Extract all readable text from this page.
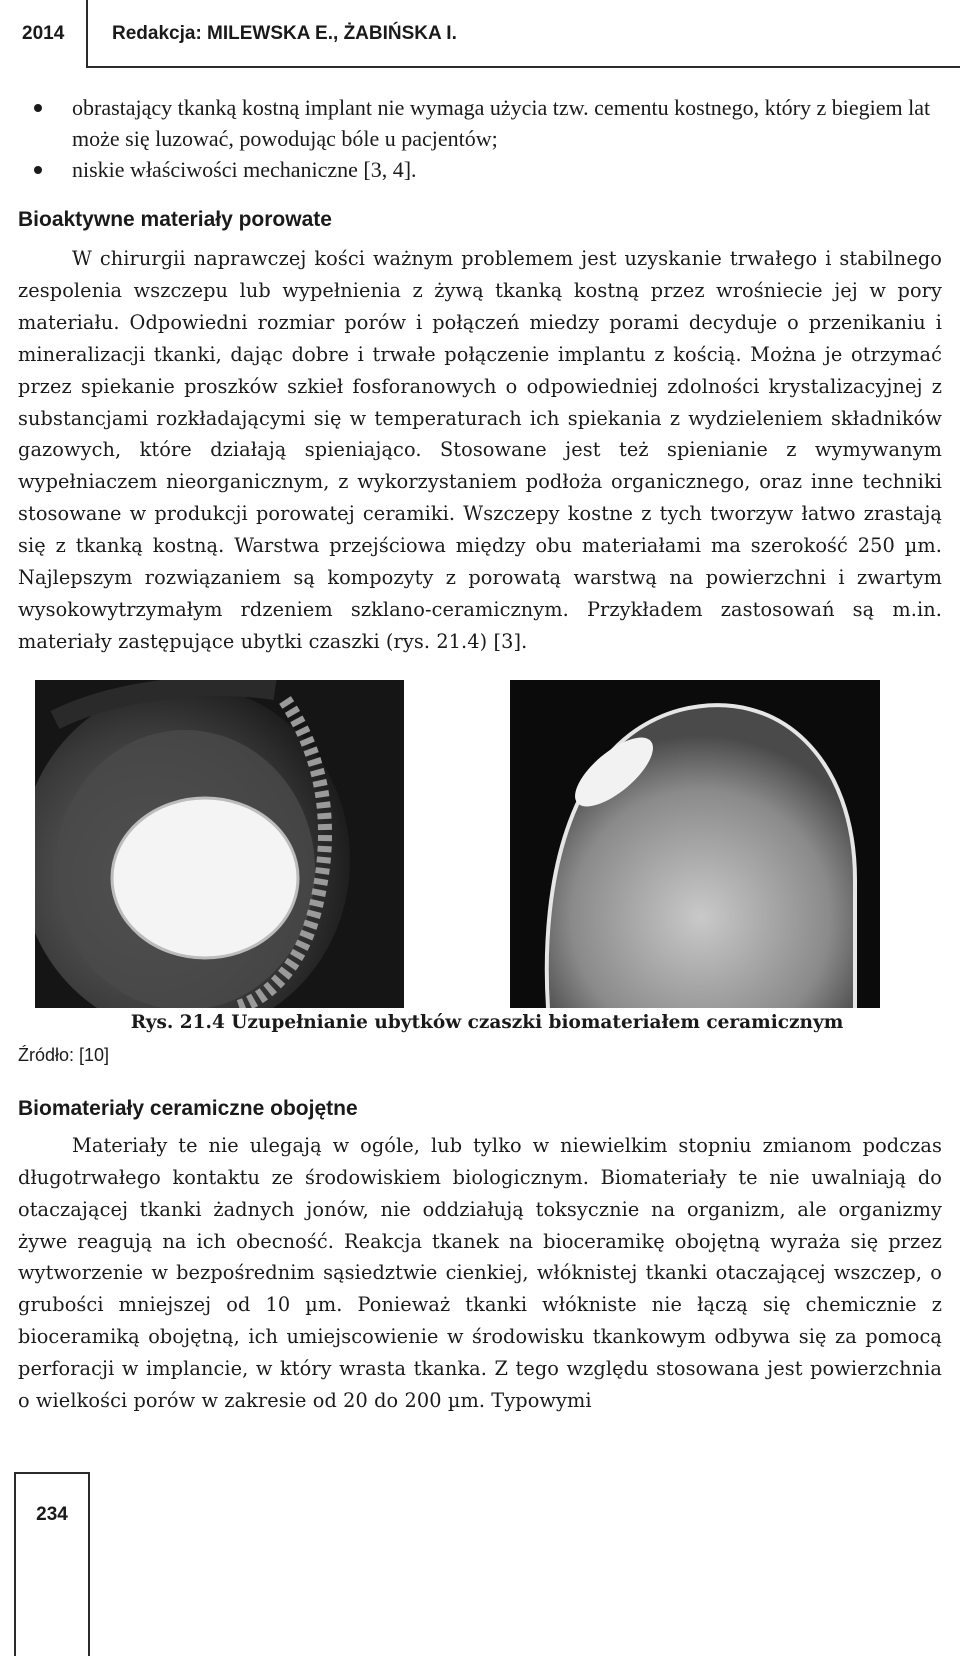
2014	Redakcja: MILEWSKA E., ŻABIŃSKA I.
obrastający tkanką kostną implant nie wymaga użycia tzw. cementu kostnego, który z biegiem lat może się luzować, powodując bóle u pacjentów;
niskie właściwości mechaniczne [3, 4].
Bioaktywne materiały porowate

W chirurgii naprawczej kości ważnym problemem jest uzyskanie trwałego i stabilnego zespolenia wszczepu lub wypełnienia z żywą tkanką kostną przez wrośniecie jej w pory materiału. Odpowiedni rozmiar porów i połączeń miedzy porami decyduje o przenikaniu i mineralizacji tkanki, dając dobre i trwałe połączenie implantu z kością. Można je otrzymać przez spiekanie proszków szkieł fosforanowych o odpowiedniej zdolności krystalizacyjnej z substancjami rozkładającymi się w temperaturach ich spiekania z wydzieleniem składników gazowych, które działają spieniająco. Stosowane jest też spienianie z wymywanym wypełniaczem nieorganicznym, z wykorzystaniem podłoża organicznego, oraz inne techniki stosowane w produkcji porowatej ceramiki. Wszczepy kostne z tych tworzyw łatwo zrastają się z tkanką kostną. Warstwa przejściowa między obu materiałami ma szerokość 250 µm. Najlepszym rozwiązaniem są kompozyty z porowatą warstwą na powierzchni i zwartym wysokowytrzymałym rdzeniem szklano-ceramicznym. Przykładem zastosowań są m.in. materiały zastępujące ubytki czaszki (rys. 21.4) [3].

Rys. 21.4 Uzupełnianie ubytków czaszki biomateriałem ceramicznym
Źródło: [10]
Biomateriały ceramiczne obojętne

Materiały te nie ulegają w ogóle, lub tylko w niewielkim stopniu zmianom podczas długotrwałego kontaktu ze środowiskiem biologicznym. Biomateriały te nie uwalniają do otaczającej tkanki żadnych jonów, nie oddziałują toksycznie na organizm, ale organizmy żywe reagują na ich obecność. Reakcja tkanek na bioceramikę obojętną wyraża się przez wytworzenie w bezpośrednim sąsiedztwie cienkiej, włóknistej tkanki otaczającej wszczep, o grubości mniejszej od 10 µm. Ponieważ tkanki włókniste nie łączą się chemicznie z bioceramiką obojętną, ich umiejscowienie w środowisku tkankowym odbywa się za pomocą perforacji w implancie, w który wrasta tkanka. Z tego względu stosowana jest powierzchnia o wielkości porów w zakresie od 20 do 200 µm. Typowymi

234
